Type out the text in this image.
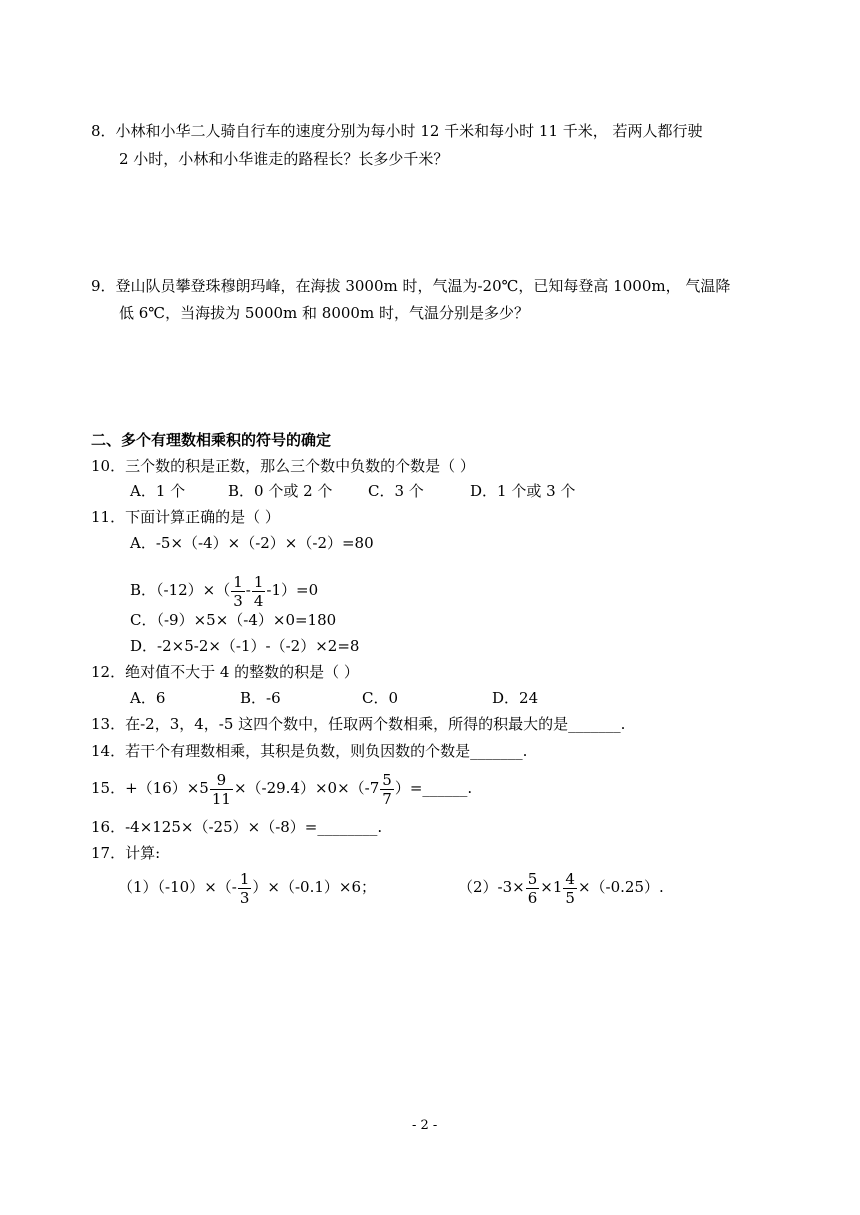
8．小林和小华二人骑自行车的速度分别为每小时 12 千米和每小时 11 千米， 若两人都行驶
2 小时，小林和小华谁走的路程长？长多少千米？
9．登山队员攀登珠穆朗玛峰，在海拔 3000m 时，气温为-20℃，已知每登高 1000m， 气温降
低 6℃，当海拔为 5000m 和 8000m 时，气温分别是多少？
二、多个有理数相乘积的符号的确定
10．三个数的积是正数，那么三个数中负数的个数是（ ）
A．1 个	B．0 个或 2 个 C．3 个	D．1 个或 3 个
11．下面计算正确的是（ ）
A．-5×（-4）×（-2）×（-2）=80
B．$(-12)\times( \frac{1}{3} - \frac{1}{4} -1)=0$
C．（-9）×5×（-4）×0=180
D．-2×5-2×（-1）-（-2）×2=8
12．绝对值不大于 4 的整数的积是（ ）
A．6	B．-6	C．0	D．24
13．在-2，3，4，-5 这四个数中，任取两个数相乘，所得的积最大的是_______.
14．若干个有理数相乘，其积是负数，则负因数的个数是_______.
15．$+(16)\times 5 \frac{9}{11} \times(-29.4)\times 0\times(-7 \frac{5}{7}$ ）=______.
16．-4×125×（-25）×（-8）=________.
17．计算:
$(1)(-10)\times(- \frac{1}{3} )\times(-0.1)\times 6$；	$(2)-3\times \frac{5}{6} \times 1 \frac{4}{5} \times(-0.25)$.
- 2 -
